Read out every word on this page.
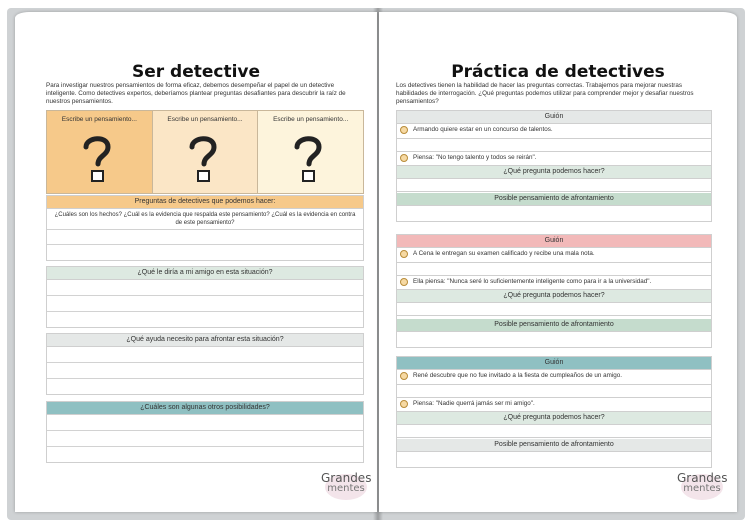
Ser detective

Para investigar nuestros pensamientos de forma eficaz, debemos desempeñar el papel de un detective inteligente. Como detectives expertos, deberíamos plantear preguntas desafiantes para descubrir la raíz de nuestros pensamientos.

Escribe un pensamiento...	Escribe un pensamiento...	Escribe un pensamiento...
Preguntas de detectives que podemos hacer:
¿Cuáles son los hechos? ¿Cuál es la evidencia que respalda este pensamiento? ¿Cuál es la evidencia en contra de este pensamiento?
¿Qué le diría a mi amigo en esta situación?
¿Qué ayuda necesito para afrontar esta situación?
¿Cuáles son algunas otros posibilidades?
Grandes
mentes
Práctica de detectives

Los detectives tienen la habilidad de hacer las preguntas correctas. Trabajemos para mejorar nuestras habilidades de interrogación. ¿Qué preguntas podemos utilizar para comprender mejor y desafiar nuestros pensamientos?

Guión
Armando quiere estar en un concurso de talentos.
Piensa: "No tengo talento y todos se reirán".
¿Qué pregunta podemos hacer?
Posible pensamiento de afrontamiento
Guión
A Cena le entregan su examen calificado y recibe una mala nota.
Ella piensa: "Nunca seré lo suficientemente inteligente como para ir a la universidad".
¿Qué pregunta podemos hacer?
Posible pensamiento de afrontamiento
Guión
René descubre que no fue invitado a la fiesta de cumpleaños de un amigo.
Piensa: "Nadie querrá jamás ser mi amigo".
¿Qué pregunta podemos hacer?
Posible pensamiento de afrontamiento
Grandes
mentes
